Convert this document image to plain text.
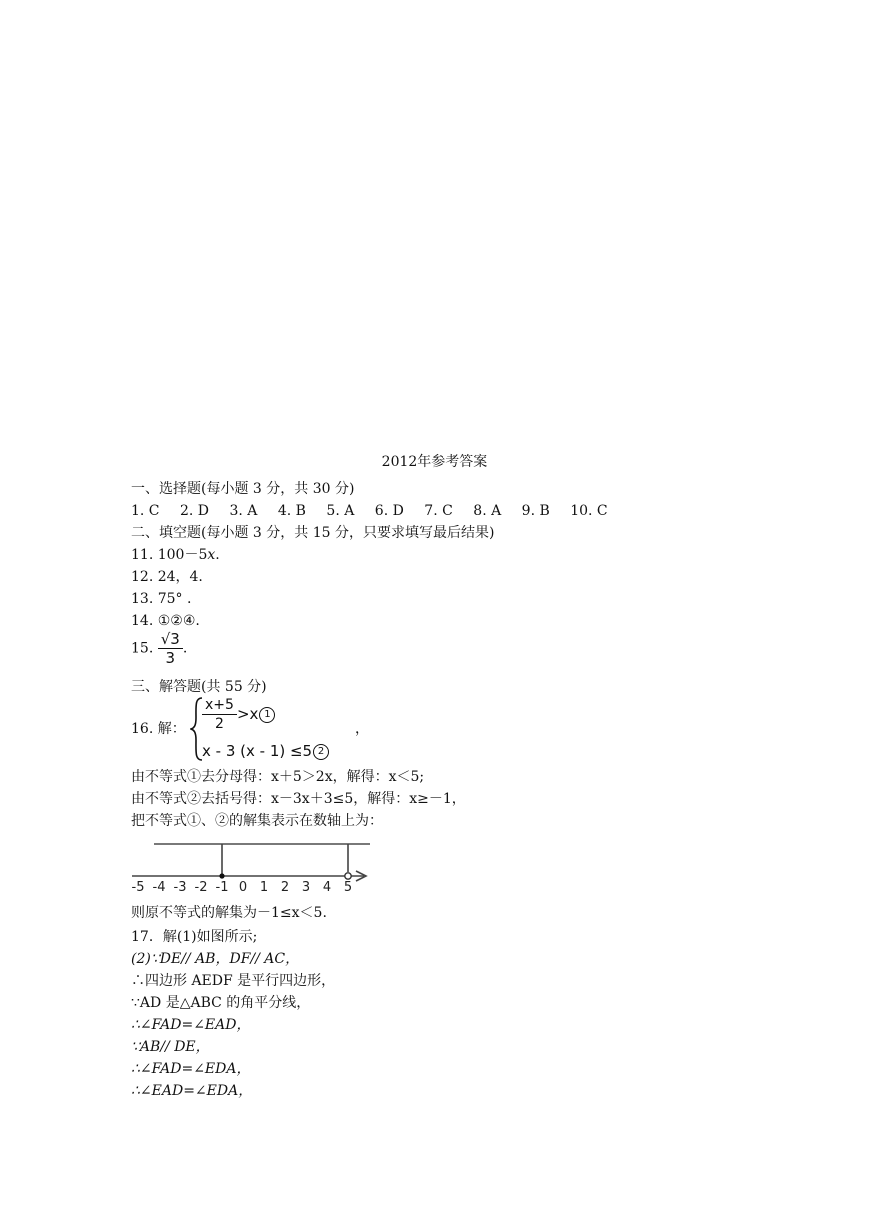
2012年参考答案
一、选择题(每小题 3 分，共 30 分)
1. C 2. D 3. A 4. B 5. A 6. D 7. C 8. A 9. B 10. C
二、填空题(每小题 3 分，共 15 分，只要求填写最后结果)
11. 100－5x.
12. 24，4.
13. 75° .
14. ①②④.
15. $\frac{√3}{3}$ .
三、解答题(共 55 分)
16. 解： $\frac{x+5}{2} >x$ 1
x - 3 (x - 1) ≤5 2
，
由不等式①去分母得：x＋5＞2x，解得：x＜5;
由不等式②去括号得：x－3x＋3≤5，解得：x≥－1，
把不等式①、②的解集表示在数轴上为：
-5 -4 -3 -2 -1 0 1 2 3 4 5
则原不等式的解集为－1≤x＜5.
17．解(1)如图所示;
(2)∵DE// AB，DF// AC，
∴四边形 AEDF 是平行四边形，
∵AD 是△ABC 的角平分线，
∴∠FAD=∠EAD，
∵AB// DE，
∴∠FAD=∠EDA，
∴∠EAD=∠EDA，
